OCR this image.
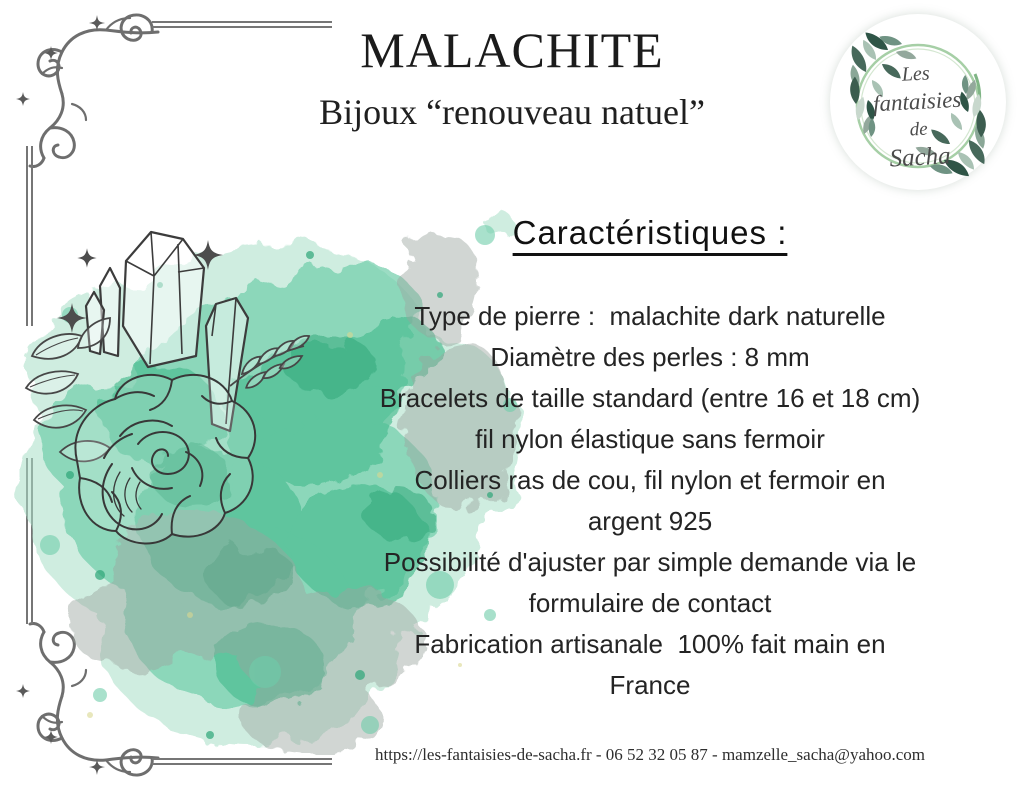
Les
fantaisies
de
Sacha
MALACHITE
Bijoux “renouveau natuel”
Caractéristiques :
Type de pierre :  malachite dark naturelle
Diamètre des perles : 8 mm
Bracelets de taille standard (entre 16 et 18 cm)
fil nylon élastique sans fermoir
Colliers ras de cou, fil nylon et fermoir en
argent 925
Possibilité d'ajuster par simple demande via le
formulaire de contact
Fabrication artisanale  100% fait main en
France
https://les-fantaisies-de-sacha.fr - 06 52 32 05 87 - mamzelle_sacha@yahoo.com
